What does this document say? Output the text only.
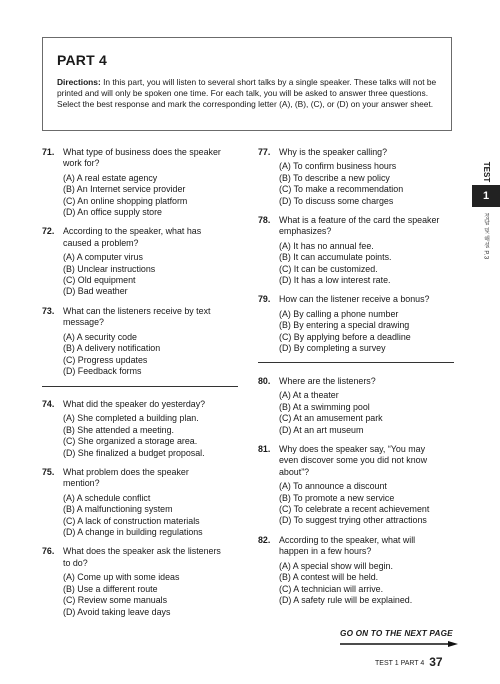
PART 4

Directions: In this part, you will listen to several short talks by a single speaker. These talks will not be printed and will only be spoken one time. For each talk, you will be asked to answer three questions. Select the best response and mark the corresponding letter (A), (B), (C), or (D) on your answer sheet.

71. What type of business does the speaker work for?
(A) A real estate agency
(B) An Internet service provider
(C) An online shopping platform
(D) An office supply store
72. According to the speaker, what has caused a problem?
(A) A computer virus
(B) Unclear instructions
(C) Old equipment
(D) Bad weather
73. What can the listeners receive by text message?
(A) A security code
(B) A delivery notification
(C) Progress updates
(D) Feedback forms
74. What did the speaker do yesterday?
(A) She completed a building plan.
(B) She attended a meeting.
(C) She organized a storage area.
(D) She finalized a budget proposal.
75. What problem does the speaker mention?
(A) A schedule conflict
(B) A malfunctioning system
(C) A lack of construction materials
(D) A change in building regulations
76. What does the speaker ask the listeners to do?
(A) Come up with some ideas
(B) Use a different route
(C) Review some manuals
(D) Avoid taking leave days
77. Why is the speaker calling?
(A) To confirm business hours
(B) To describe a new policy
(C) To make a recommendation
(D) To discuss some charges
78. What is a feature of the card the speaker emphasizes?
(A) It has no annual fee.
(B) It can accumulate points.
(C) It can be customized.
(D) It has a low interest rate.
79. How can the listener receive a bonus?
(A) By calling a phone number
(B) By entering a special drawing
(C) By applying before a deadline
(D) By completing a survey
80. Where are the listeners?
(A) At a theater
(B) At a swimming pool
(C) At an amusement park
(D) At an art museum
81. Why does the speaker say, “You may even discover some you did not know about”?
(A) To announce a discount
(B) To promote a new service
(C) To celebrate a recent achievement
(D) To suggest trying other attractions
82. According to the speaker, what will happen in a few hours?
(A) A special show will begin.
(B) A contest will be held.
(C) A technician will arrive.
(D) A safety rule will be explained.
TEST
1
정답 및 해설 P.3
GO ON TO THE NEXT PAGE
TEST 1 PART 4 37
